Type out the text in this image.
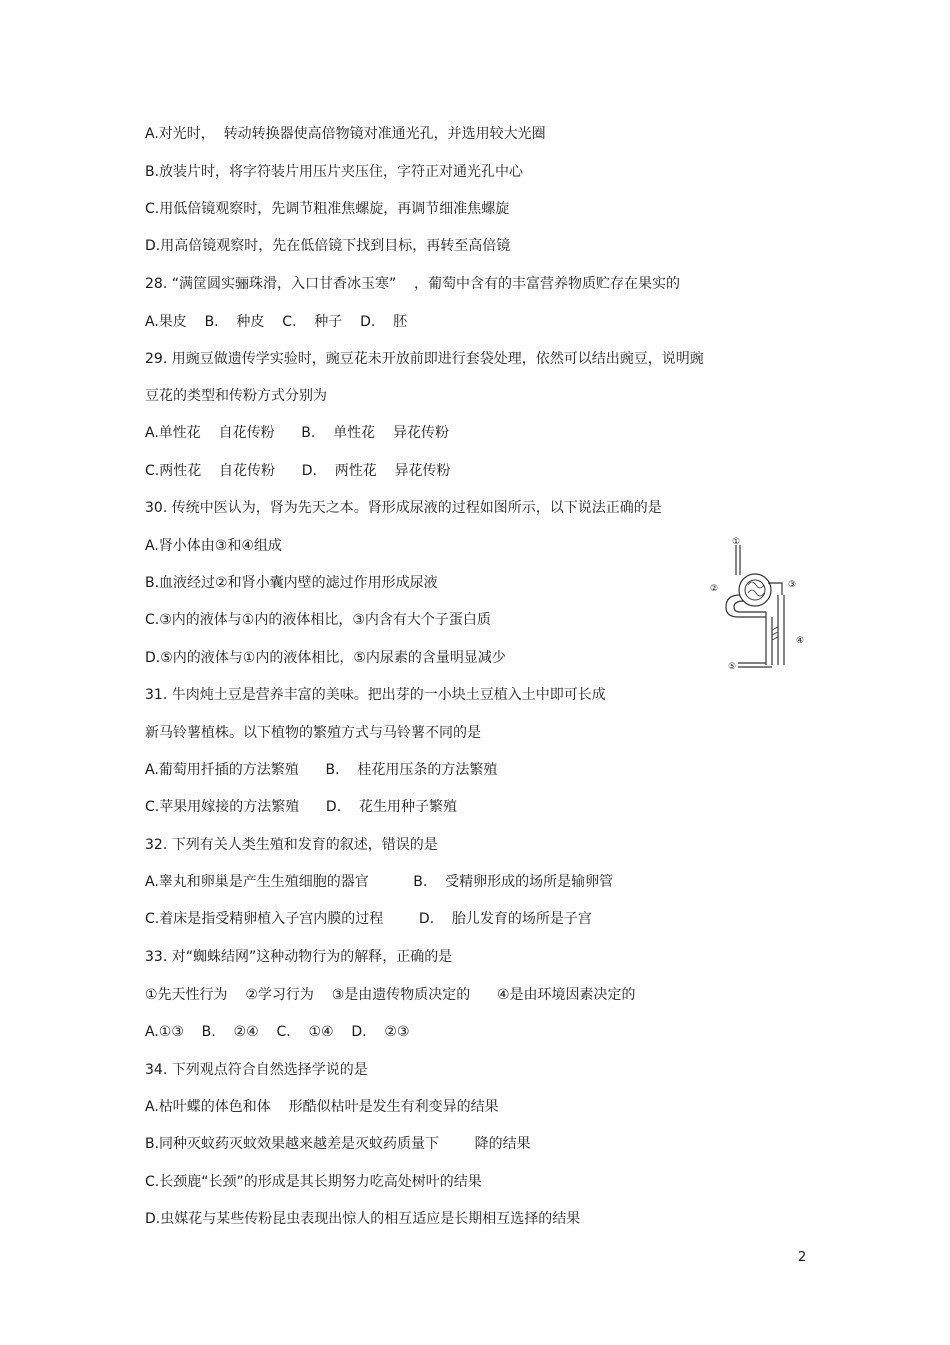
A.对光时，  转动转换器使高倍物镜对准通光孔，并选用较大光圈
B.放装片时，将字符装片用压片夹压住，字符正对通光孔中心
C.用低倍镜观察时，先调节粗准焦螺旋，再调节细准焦螺旋
D.用高倍镜观察时，先在低倍镜下找到目标，再转至高倍镜
28. “满筐圆实骊珠滑，入口甘香冰玉寒”    ，葡萄中含有的丰富营养物质贮存在果实的
A.果皮    B.    种皮    C.    种子    D.    胚
29. 用豌豆做遗传学实验时，豌豆花未开放前即进行套袋处理，依然可以结出豌豆，说明豌
豆花的类型和传粉方式分别为
A.单性花    自花传粉      B.    单性花    异花传粉
C.两性花    自花传粉      D.    两性花    异花传粉
30. 传统中医认为，肾为先天之本。肾形成尿液的过程如图所示，以下说法正确的是
A.肾小体由③和④组成
B.血液经过②和肾小囊内壁的滤过作用形成尿液
C.③内的液体与①内的液体相比，③内含有大个子蛋白质
D.⑤内的液体与①内的液体相比，⑤内尿素的含量明显减少
31. 牛肉炖土豆是营养丰富的美味。把出芽的一小块土豆植入土中即可长成
新马铃薯植株。以下植物的繁殖方式与马铃薯不同的是
A.葡萄用扦插的方法繁殖      B.    桂花用压条的方法繁殖
C.苹果用嫁接的方法繁殖      D.    花生用种子繁殖
32. 下列有关人类生殖和发育的叙述，错误的是
A.睾丸和卵巢是产生生殖细胞的器官          B.    受精卵形成的场所是输卵管
C.着床是指受精卵植入子宫内膜的过程        D.    胎儿发育的场所是子宫
33. 对“蜘蛛结网”这种动物行为的解释，正确的是
①先天性行为    ②学习行为    ③是由遗传物质决定的      ④是由环境因素决定的
A.①③    B.    ②④    C.    ①④    D.    ②③
34. 下列观点符合自然选择学说的是
A.枯叶蝶的体色和体    形酷似枯叶是发生有利变异的结果
B.同种灭蚊药灭蚊效果越来越差是灭蚊药质量下        降的结果
C.长颈鹿“长颈”的形成是其长期努力吃高处树叶的结果
D.虫媒花与某些传粉昆虫表现出惊人的相互适应是长期相互选择的结果
①
②	③
④
⑤
2
